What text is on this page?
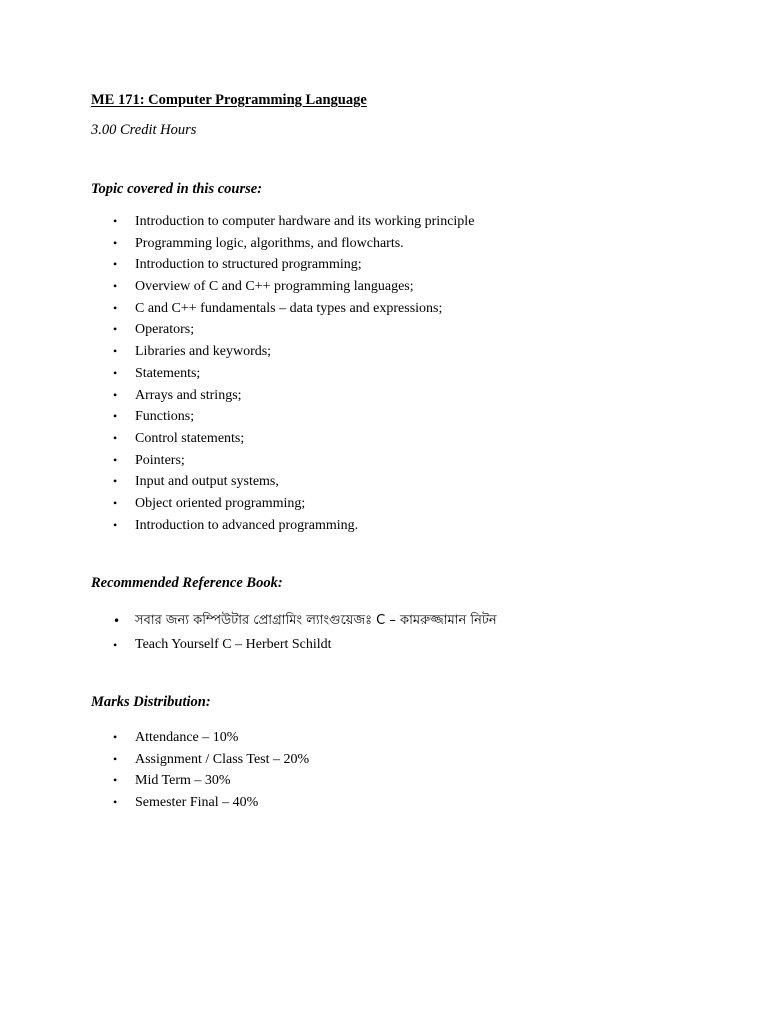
ME 171: Computer Programming Language
3.00 Credit Hours
Topic covered in this course:
• Introduction to computer hardware and its working principle
• Programming logic, algorithms, and flowcharts.
• Introduction to structured programming;
• Overview of C and C++ programming languages;
• C and C++ fundamentals – data types and expressions;
• Operators;
• Libraries and keywords;
• Statements;
• Arrays and strings;
• Functions;
• Control statements;
• Pointers;
• Input and output systems,
• Object oriented programming;
• Introduction to advanced programming.
Recommended Reference Book:
• সবার জন্য কম্পিউটার প্রোগ্রামিং ল্যাংগুয়েজঃ C – কামরুজ্জামান নিটন
• Teach Yourself C – Herbert Schildt
Marks Distribution:
• Attendance – 10%
• Assignment / Class Test – 20%
• Mid Term – 30%
• Semester Final – 40%
